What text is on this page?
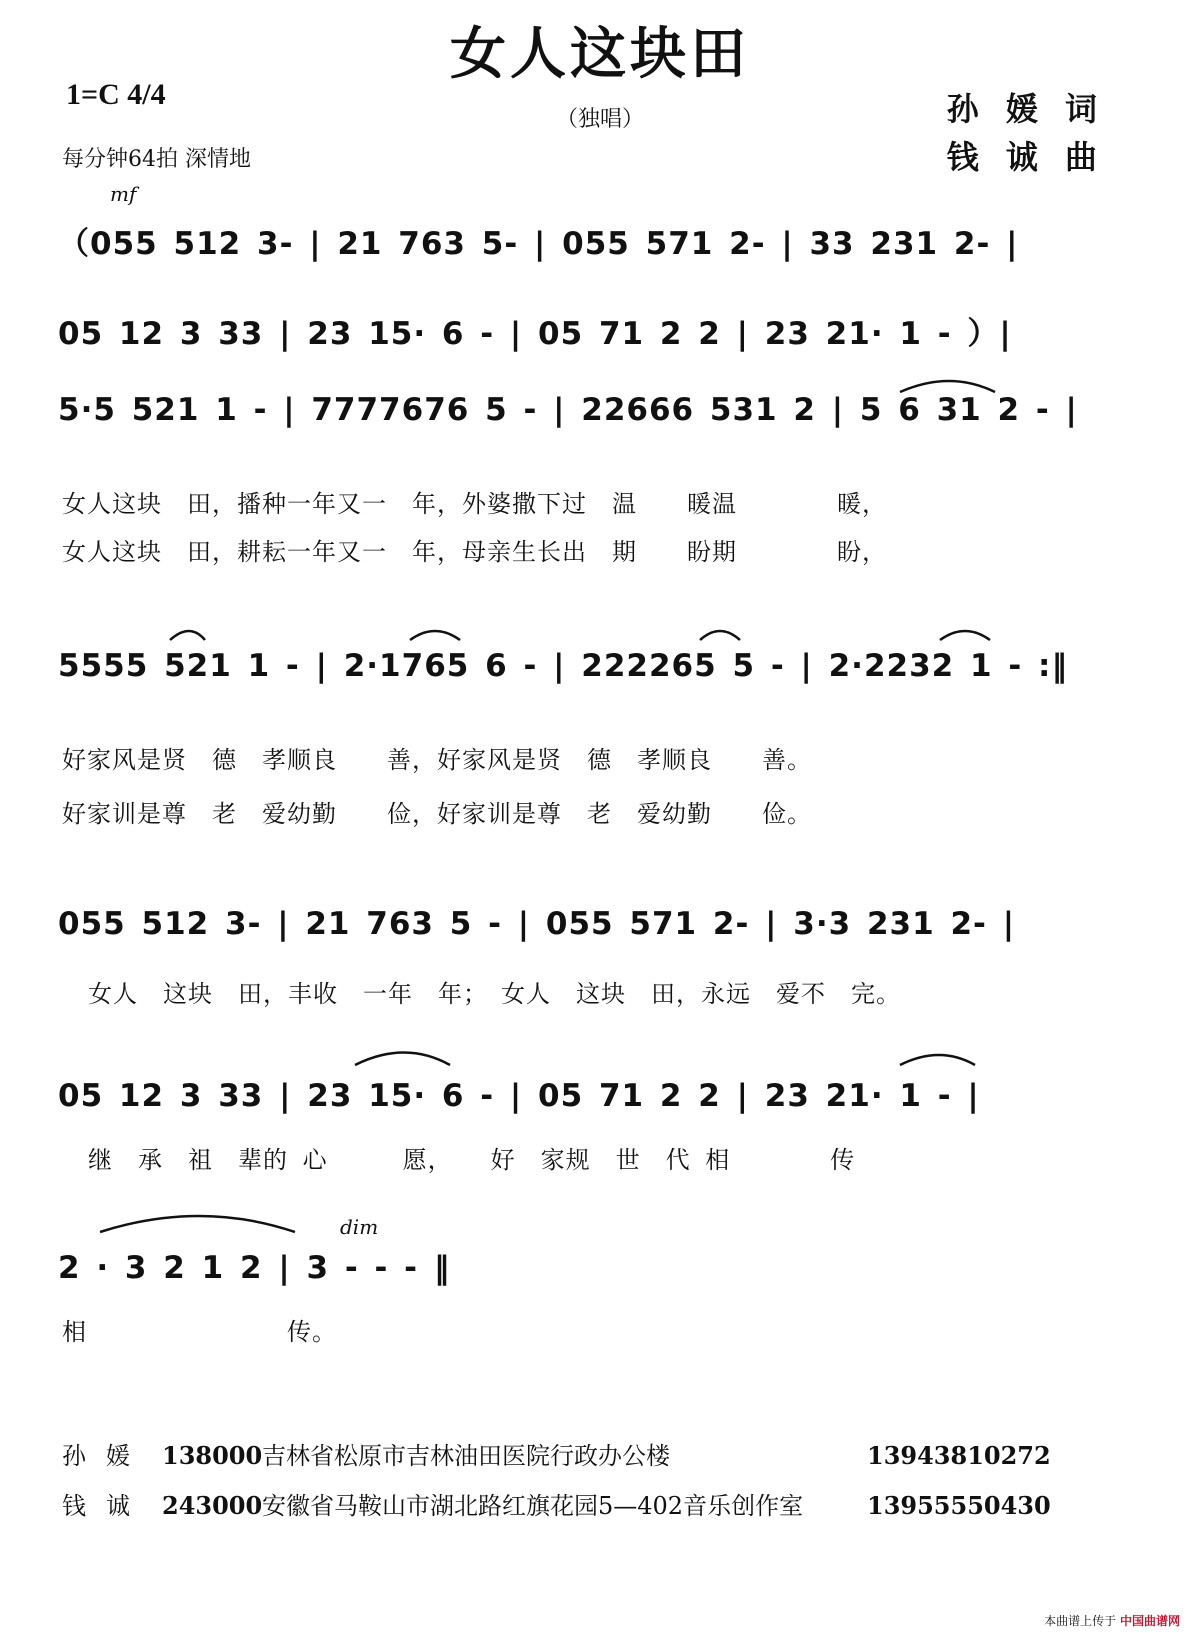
女人这块田
（独唱）
1=C 4/4
每分钟64拍 深情地
孙 媛 词
钱 诚 曲
mf
dim
（055 512 3- | 21 763 5- | 055 571 2- | 33 231 2- |
05 12 3 33 | 23 15· 6 - | 05 71 2 2 | 23 21· 1 - ）|
5·5 521 1 - | 7777676 5 - | 22666 531 2 | 5 6 31 2 - |
女人这块　田，播种一年又一　年，外婆撒下过　温　　暖温　　　　暖，
女人这块　田，耕耘一年又一　年，母亲生长出　期　　盼期　　　　盼，
5555 521 1 - | 2·1765 6 - | 222265 5 - | 2·2232 1 - :‖
好家风是贤　德　孝顺良　　善，好家风是贤　德　孝顺良　　善。
好家训是尊　老　爱幼勤　　俭，好家训是尊　老　爱幼勤　　俭。
055 512 3- | 21 763 5 - | 055 571 2- | 3·3 231 2- |
女人　这块　田，丰收　一年　年；　女人　这块　田，永远　爱不　完。
05 12 3 33 | 23 15· 6 - | 05 71 2 2 | 23 21· 1 - |
继　承　祖　辈的 心　　　愿，　　好　家规　世　代 相　　　　传
2 · 3 2 1 2 | 3 - - - ‖
相　　　　　　　　传。
孙媛 138000吉林省松原市吉林油田医院行政办公楼	13943810272
钱诚 243000安徽省马鞍山市湖北路红旗花园5—402音乐创作室	13955550430
本曲谱上传于 中国曲谱网
